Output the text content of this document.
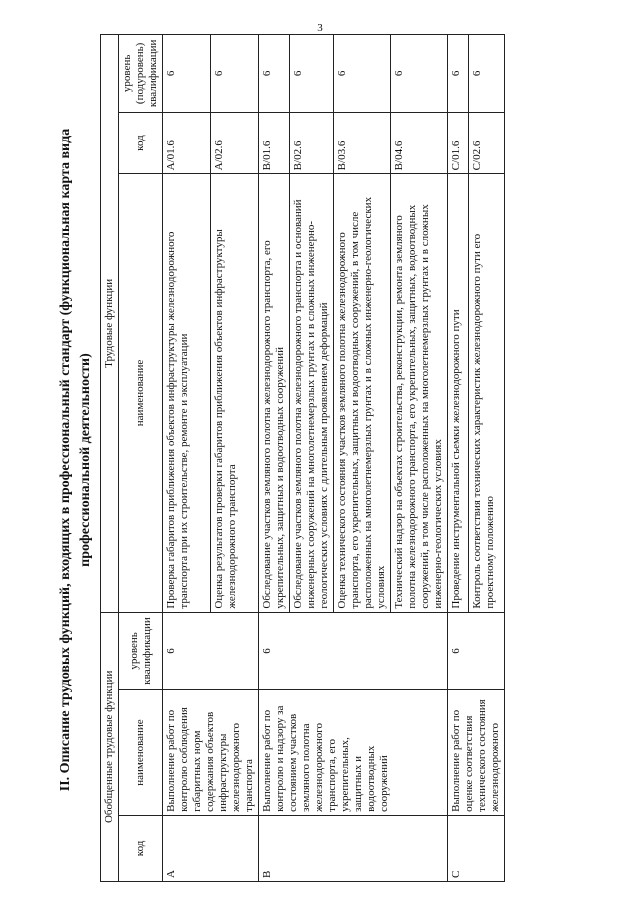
3
II. Описание трудовых функций, входящих в профессиональный стандарт (функциональная карта вида профессиональной деятельности)
Обобщенные трудовые функции			Трудовые функции		
код	наименование	уровень квалификации	наименование	код	уровень (подуровень) квалификации
A	Выполнение работ по контролю соблюдения габаритных норм содержания объектов инфраструктуры железнодорожного транспорта	6	Проверка габаритов приближения объектов инфраструктуры железнодорожного транспорта при их строительстве, ремонте и эксплуатации	A/01.6	6
			Оценка результатов проверки габаритов приближения объектов инфраструктуры железнодорожного транспорта	A/02.6	6
B	Выполнение работ по контролю и надзору за состоянием участков земляного полотна железнодорожного транспорта, его укрепительных, защитных и водоотводных сооружений	6	Обследование участков земляного полотна железнодорожного транспорта, его укрепительных, защитных и водоотводных сооружений	B/01.6	6
			Обследование участков земляного полотна железнодорожного транспорта и оснований инженерных сооружений на многолетнемерзлых грунтах и в сложных инженерно-геологических условиях с длительным проявлением деформаций	B/02.6	6
			Оценка технического состояния участков земляного полотна железнодорожного транспорта, его укрепительных, защитных и водоотводных сооружений, в том числе расположенных на многолетнемерзлых грунтах и в сложных инженерно-геологических условиях	B/03.6	6
			Технический надзор на объектах строительства, реконструкции, ремонта земляного полотна железнодорожного транспорта, его укрепительных, защитных, водоотводных сооружений, в том числе расположенных на многолетнемерзлых грунтах и в сложных инженерно-геологических условиях	B/04.6	6
C	Выполнение работ по оценке соответствия технического состояния железнодорожного	6	Проведение инструментальной съемки железнодорожного пути	C/01.6	6
			Контроль соответствия технических характеристик железнодорожного пути его проектному положению	C/02.6	6
